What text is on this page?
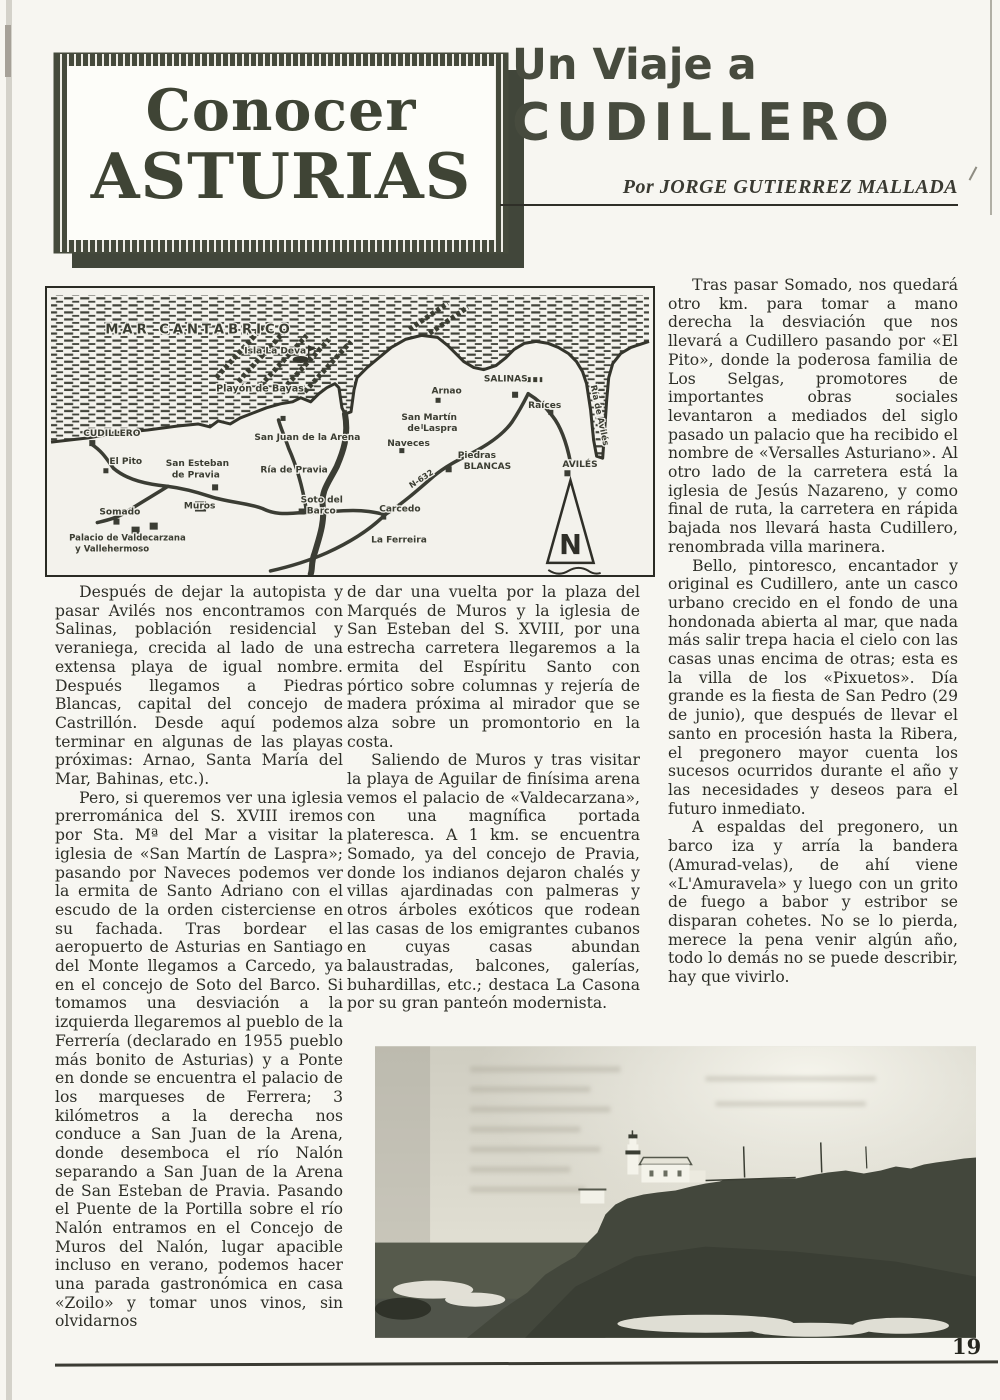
Conocer
ASTURIAS
Un Viaje a
CUDILLERO
Por JORGE GUTIERREZ MALLADA
N
MAR CANTABRICO
Isla La Deva
Playón de Bayas
CUDILLERO
El Pito	San Esteban de Pravia
San Juan de la Arena
Ría de Pravia
Somado
Muros
Palacio de Valdecarzana y Vallehermoso
Soto del Barco	Carcedo
La Ferreira
Piedras BLANCAS
San Martín de Laspra
Naveces
Arnao
SALINAS
Raíces
AVILÉS
Ría de Avilés
N-632

Después de dejar la autopista y pasar Avilés nos encontramos con Salinas, población residencial y veraniega, crecida al lado de una extensa playa de igual nombre. Después llegamos a Piedras Blancas, capital del concejo de Castrillón. Desde aquí podemos terminar en algunas de las playas próximas: Arnao, Santa María del Mar, Bahinas, etc.).

Pero, si queremos ver una iglesia prerrománica del S. XVIII iremos por Sta. Mª del Mar a visitar la iglesia de «San Martín de Laspra»; pasando por Naveces podemos ver la ermita de Santo Adriano con el escudo de la orden cisterciense en su fachada. Tras bordear el aeropuerto de Asturias en Santiago del Monte llegamos a Carcedo, ya en el concejo de Soto del Barco. Si tomamos una desviación a la izquierda llegaremos al pueblo de la Ferrería (declarado en 1955 pueblo más bonito de Asturias) y a Ponte en donde se encuentra el palacio de los marqueses de Ferrera; 3 kilómetros a la derecha nos conduce a San Juan de la Arena, donde desemboca el río Nalón separando a San Juan de la Arena de San Esteban de Pravia. Pasando el Puente de la Portilla sobre el río Nalón entramos en el Concejo de Muros del Nalón, lugar apacible incluso en verano, podemos hacer una parada gastronómica en casa «Zoilo» y tomar unos vinos, sin olvidarnos

de dar una vuelta por la plaza del Marqués de Muros y la iglesia de San Esteban del S. XVIII, por una estrecha carretera llegaremos a la ermita del Espíritu Santo con pórtico sobre columnas y rejería de madera próxima al mirador que se alza sobre un promontorio en la costa.

Saliendo de Muros y tras visitar la playa de Aguilar de finísima arena vemos el palacio de «Valdecarzana», con una magnífica portada plateresca. A 1 km. se encuentra Somado, ya del concejo de Pravia, donde los indianos dejaron chalés y villas ajardinadas con palmeras y otros árboles exóticos que rodean las casas de los emigrantes cubanos en cuyas casas abundan balaustradas, balcones, galerías, buhardillas, etc.; destaca La Casona por su gran panteón modernista.

Tras pasar Somado, nos quedará otro km. para tomar a mano derecha la desviación que nos llevará a Cudillero pasando por «El Pito», donde la poderosa familia de Los Selgas, promotores de importantes obras sociales levantaron a mediados del siglo pasado un palacio que ha recibido el nombre de «Versalles Asturiano». Al otro lado de la carretera está la iglesia de Jesús Nazareno, y como final de ruta, la carretera en rápida bajada nos llevará hasta Cudillero, renombrada villa marinera.

Bello, pintoresco, encantador y original es Cudillero, ante un casco urbano crecido en el fondo de una hondonada abierta al mar, que nada más salir trepa hacia el cielo con las casas unas encima de otras; esta es la villa de los «Pixuetos». Día grande es la fiesta de San Pedro (29 de junio), que después de llevar el santo en procesión hasta la Ribera, el pregonero mayor cuenta los sucesos ocurridos durante el año y las necesidades y deseos para el futuro inmediato.

A espaldas del pregonero, un barco iza y arría la bandera (Amurad-velas), de ahí viene «L'Amuravela» y luego con un grito de fuego a babor y estribor se disparan cohetes. No se lo pierda, merece la pena venir algún año, todo lo demás no se puede describir, hay que vivirlo.

19
